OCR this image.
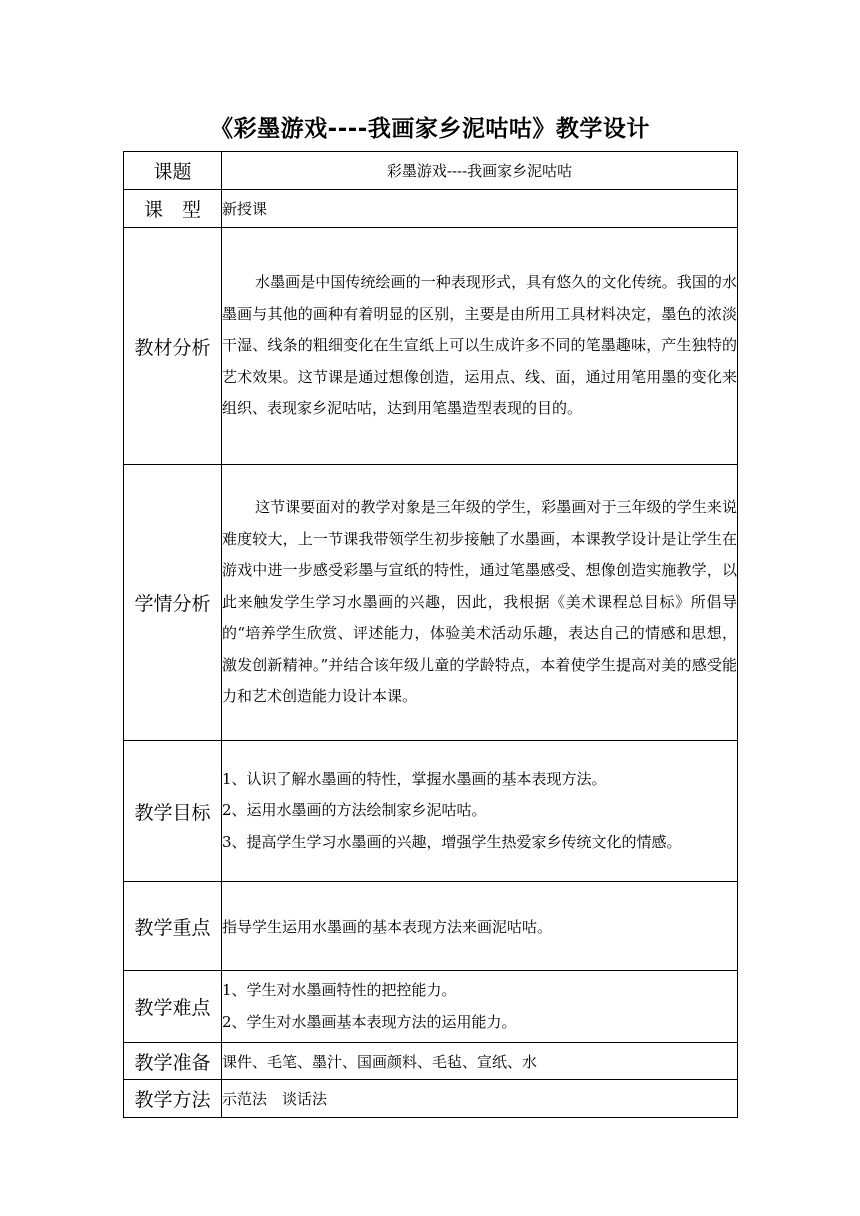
《彩墨游戏----我画家乡泥咕咕》教学设计
课题	彩墨游戏----我画家乡泥咕咕
课　型	新授课
教材分析	水墨画是中国传统绘画的一种表现形式，具有悠久的文化传统。我国的水墨画与其他的画种有着明显的区别，主要是由所用工具材料决定，墨色的浓淡干湿、线条的粗细变化在生宣纸上可以生成许多不同的笔墨趣味，产生独特的艺术效果。这节课是通过想像创造，运用点、线、面，通过用笔用墨的变化来组织、表现家乡泥咕咕，达到用笔墨造型表现的目的。

学情分析	这节课要面对的教学对象是三年级的学生，彩墨画对于三年级的学生来说难度较大，上一节课我带领学生初步接触了水墨画，本课教学设计是让学生在游戏中进一步感受彩墨与宣纸的特性，通过笔墨感受、想像创造实施教学，以此来触发学生学习水墨画的兴趣，因此，我根据《美术课程总目标》所倡导的“培养学生欣赏、评述能力，体验美术活动乐趣，表达自己的情感和思想，激发创新精神。”并结合该年级儿童的学龄特点，本着使学生提高对美的感受能力和艺术创造能力设计本课。

教学目标	1、认识了解水墨画的特性，掌握水墨画的基本表现方法。
2、运用水墨画的方法绘制家乡泥咕咕。
3、提高学生学习水墨画的兴趣，增强学生热爱家乡传统文化的情感。

教学重点	指导学生运用水墨画的基本表现方法来画泥咕咕。
教学难点	1、学生对水墨画特性的把控能力。
2、学生对水墨画基本表现方法的运用能力。

教学准备	课件、毛笔、墨汁、国画颜料、毛毡、宣纸、水
教学方法	示范法　谈话法
